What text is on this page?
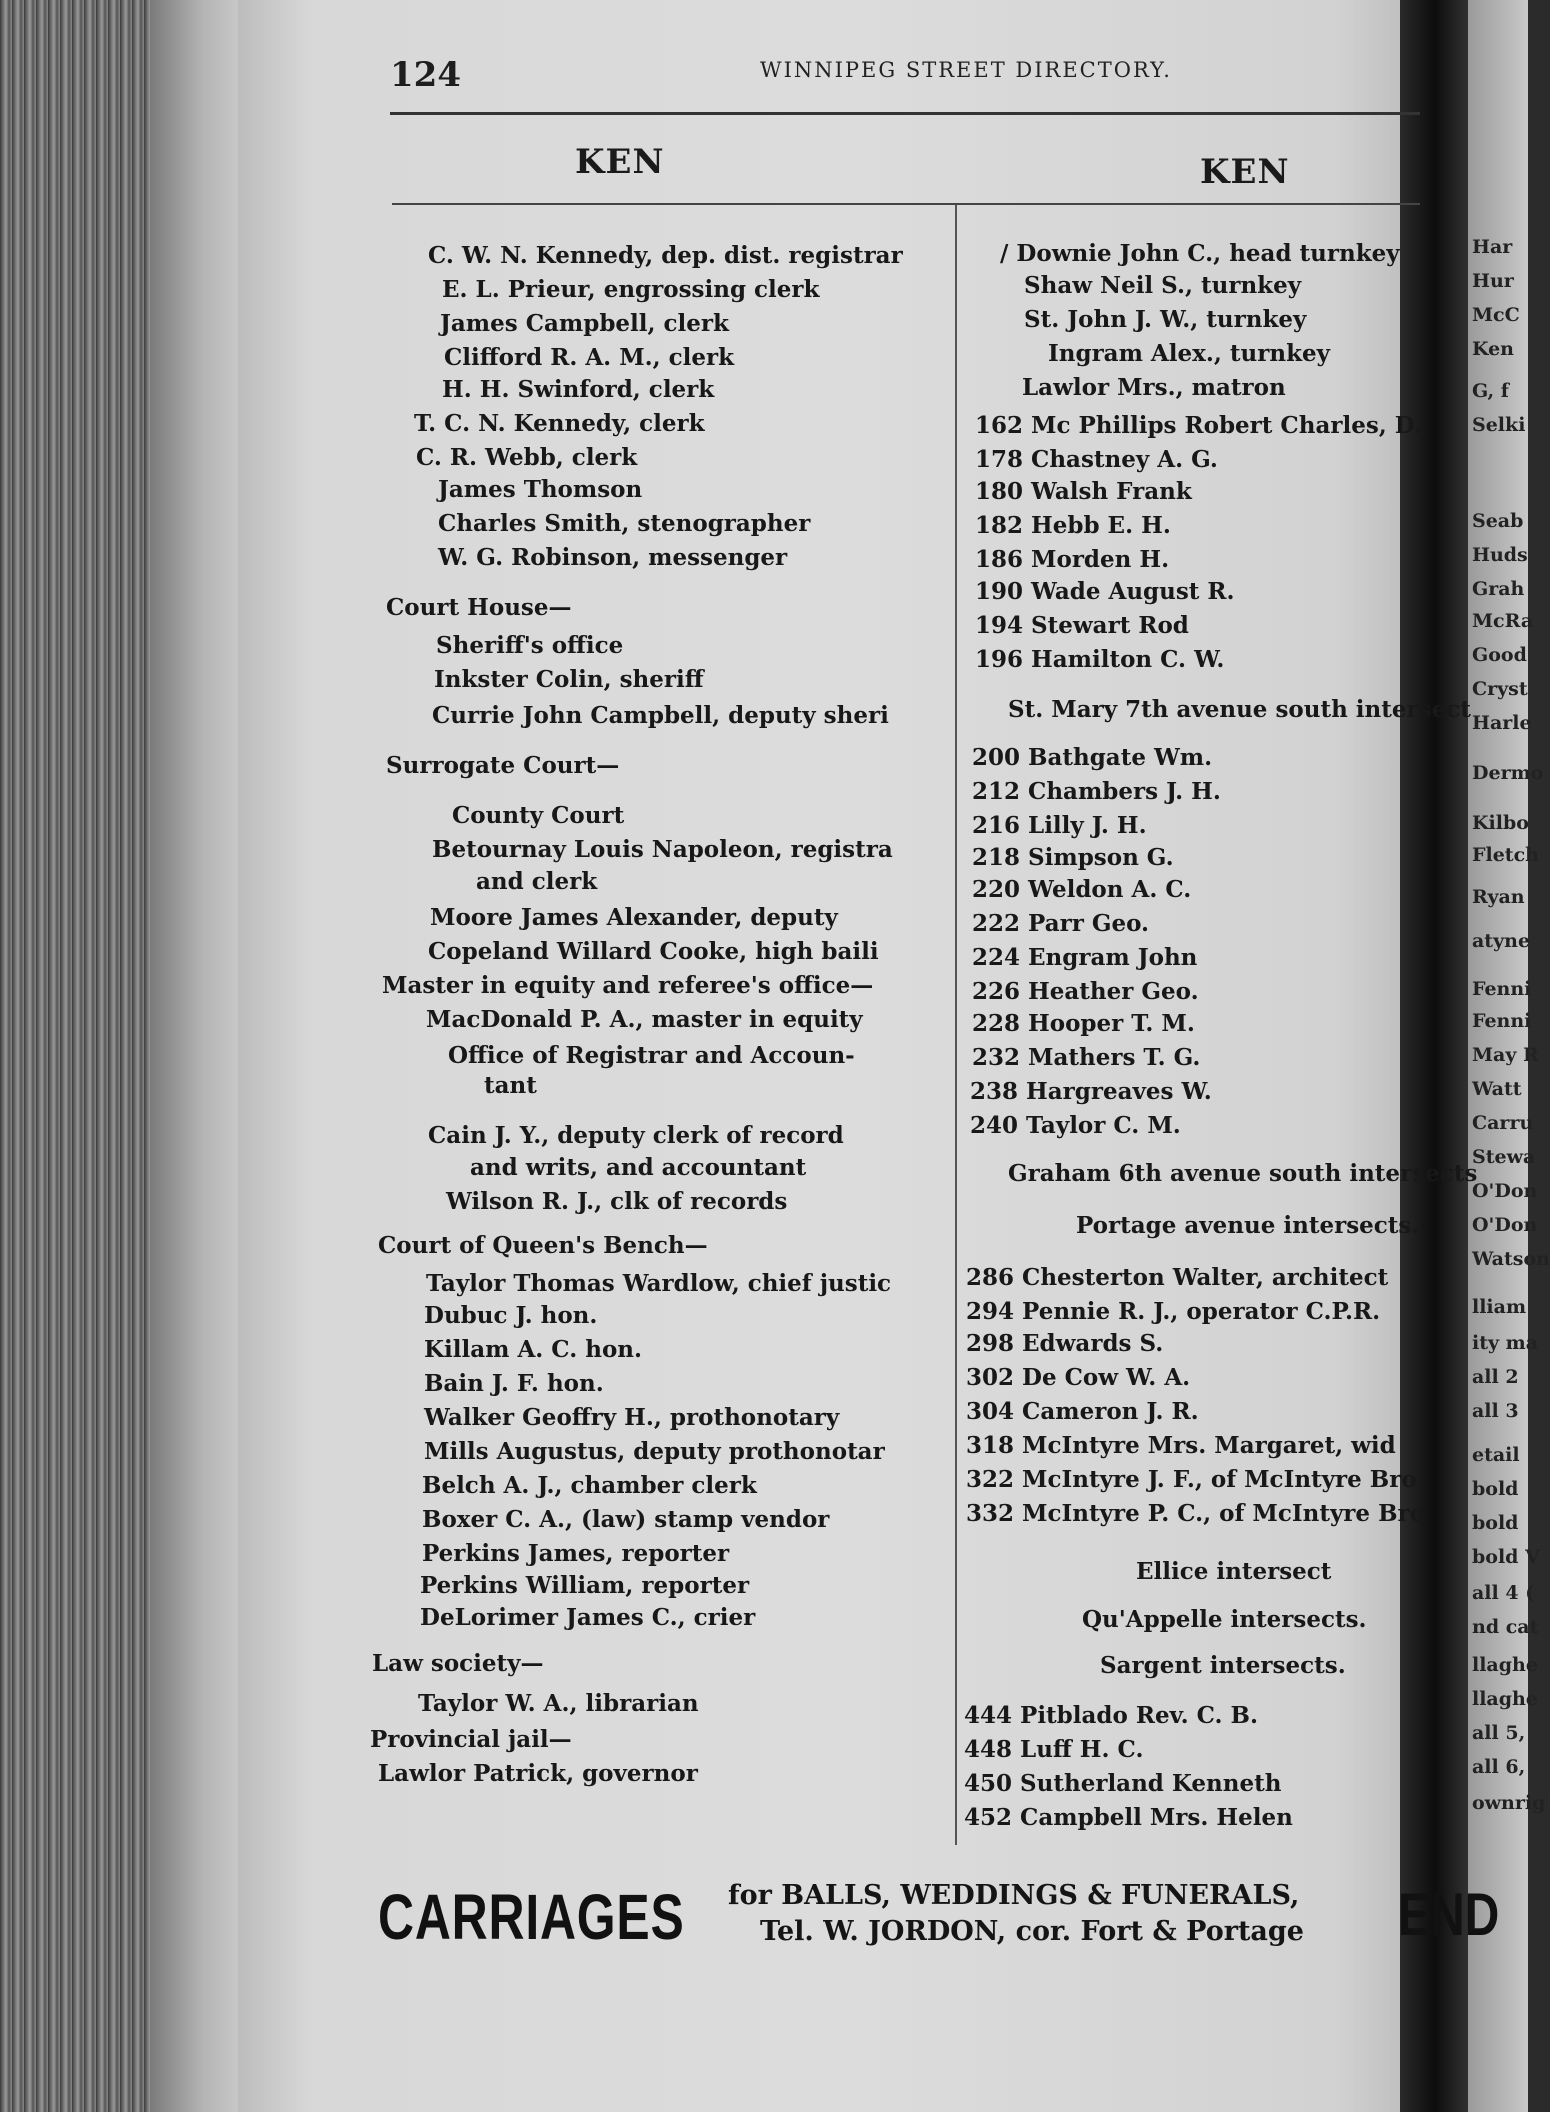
Har
Hur
McC
Ken
G, f
Selki
Seab
Huds
Grah
McRa
Good
Cryst
Harle
Dermo
Kilbo
Fletch
Ryan
atyne
Fenni
Fenni
May R
Watt
Carru
Stewa
O'Don
O'Don
Watson
lliam
ity ma
all 2
all 3
etail
bold
bold
bold V
all 4 (
nd cat
llaghe
llaghe
all 5,
all 6,
ownrig
124	WINNIPEG STREET DIRECTORY.
KEN	KEN
C. W. N. Kennedy, dep. dist. registrar
E. L. Prieur, engrossing clerk
James Campbell, clerk
Clifford R. A. M., clerk
H. H. Swinford, clerk
T. C. N. Kennedy, clerk
C. R. Webb, clerk
James Thomson
Charles Smith, stenographer
W. G. Robinson, messenger
Court House—
Sheriff's office
Inkster Colin, sheriff
Currie John Campbell, deputy sheri
Surrogate Court—
County Court
Betournay Louis Napoleon, registra
and clerk
Moore James Alexander, deputy
Copeland Willard Cooke, high baili
Master in equity and referee's office—
MacDonald P. A., master in equity
Office of Registrar and Accoun-
tant
Cain J. Y., deputy clerk of record
and writs, and accountant
Wilson R. J., clk of records
Court of Queen's Bench—
Taylor Thomas Wardlow, chief justic
Dubuc J. hon.
Killam A. C. hon.
Bain J. F. hon.
Walker Geoffry H., prothonotary
Mills Augustus, deputy prothonotar
Belch A. J., chamber clerk
Boxer C. A., (law) stamp vendor
Perkins James, reporter
Perkins William, reporter
DeLorimer James C., crier
Law society—
Taylor W. A., librarian
Provincial jail—
Lawlor Patrick, governor
/ Downie John C., head turnkey
Shaw Neil S., turnkey
St. John J. W., turnkey
Ingram Alex., turnkey
Lawlor Mrs., matron
162 Mc Phillips Robert Charles, D.
178 Chastney A. G.
180 Walsh Frank
182 Hebb E. H.
186 Morden H.
190 Wade August R.
194 Stewart Rod
196 Hamilton C. W.
St. Mary 7th avenue south intersect
200 Bathgate Wm.
212 Chambers J. H.
216 Lilly J. H.
218 Simpson G.
220 Weldon A. C.
222 Parr Geo.
224 Engram John
226 Heather Geo.
228 Hooper T. M.
232 Mathers T. G.
238 Hargreaves W.
240 Taylor C. M.
Graham 6th avenue south intersects
Portage avenue intersects.
286 Chesterton Walter, architect
294 Pennie R. J., operator C.P.R.
298 Edwards S.
302 De Cow W. A.
304 Cameron J. R.
318 McIntyre Mrs. Margaret, wid
322 McIntyre J. F., of McIntyre Bro
332 McIntyre P. C., of McIntyre Bro
Ellice intersect
Qu'Appelle intersects.
Sargent intersects.
444 Pitblado Rev. C. B.
448 Luff H. C.
450 Sutherland Kenneth
452 Campbell Mrs. Helen
CARRIAGES for BALLS, WEDDINGS & FUNERALS,
Tel. W. JORDON, cor. Fort & Portage END
